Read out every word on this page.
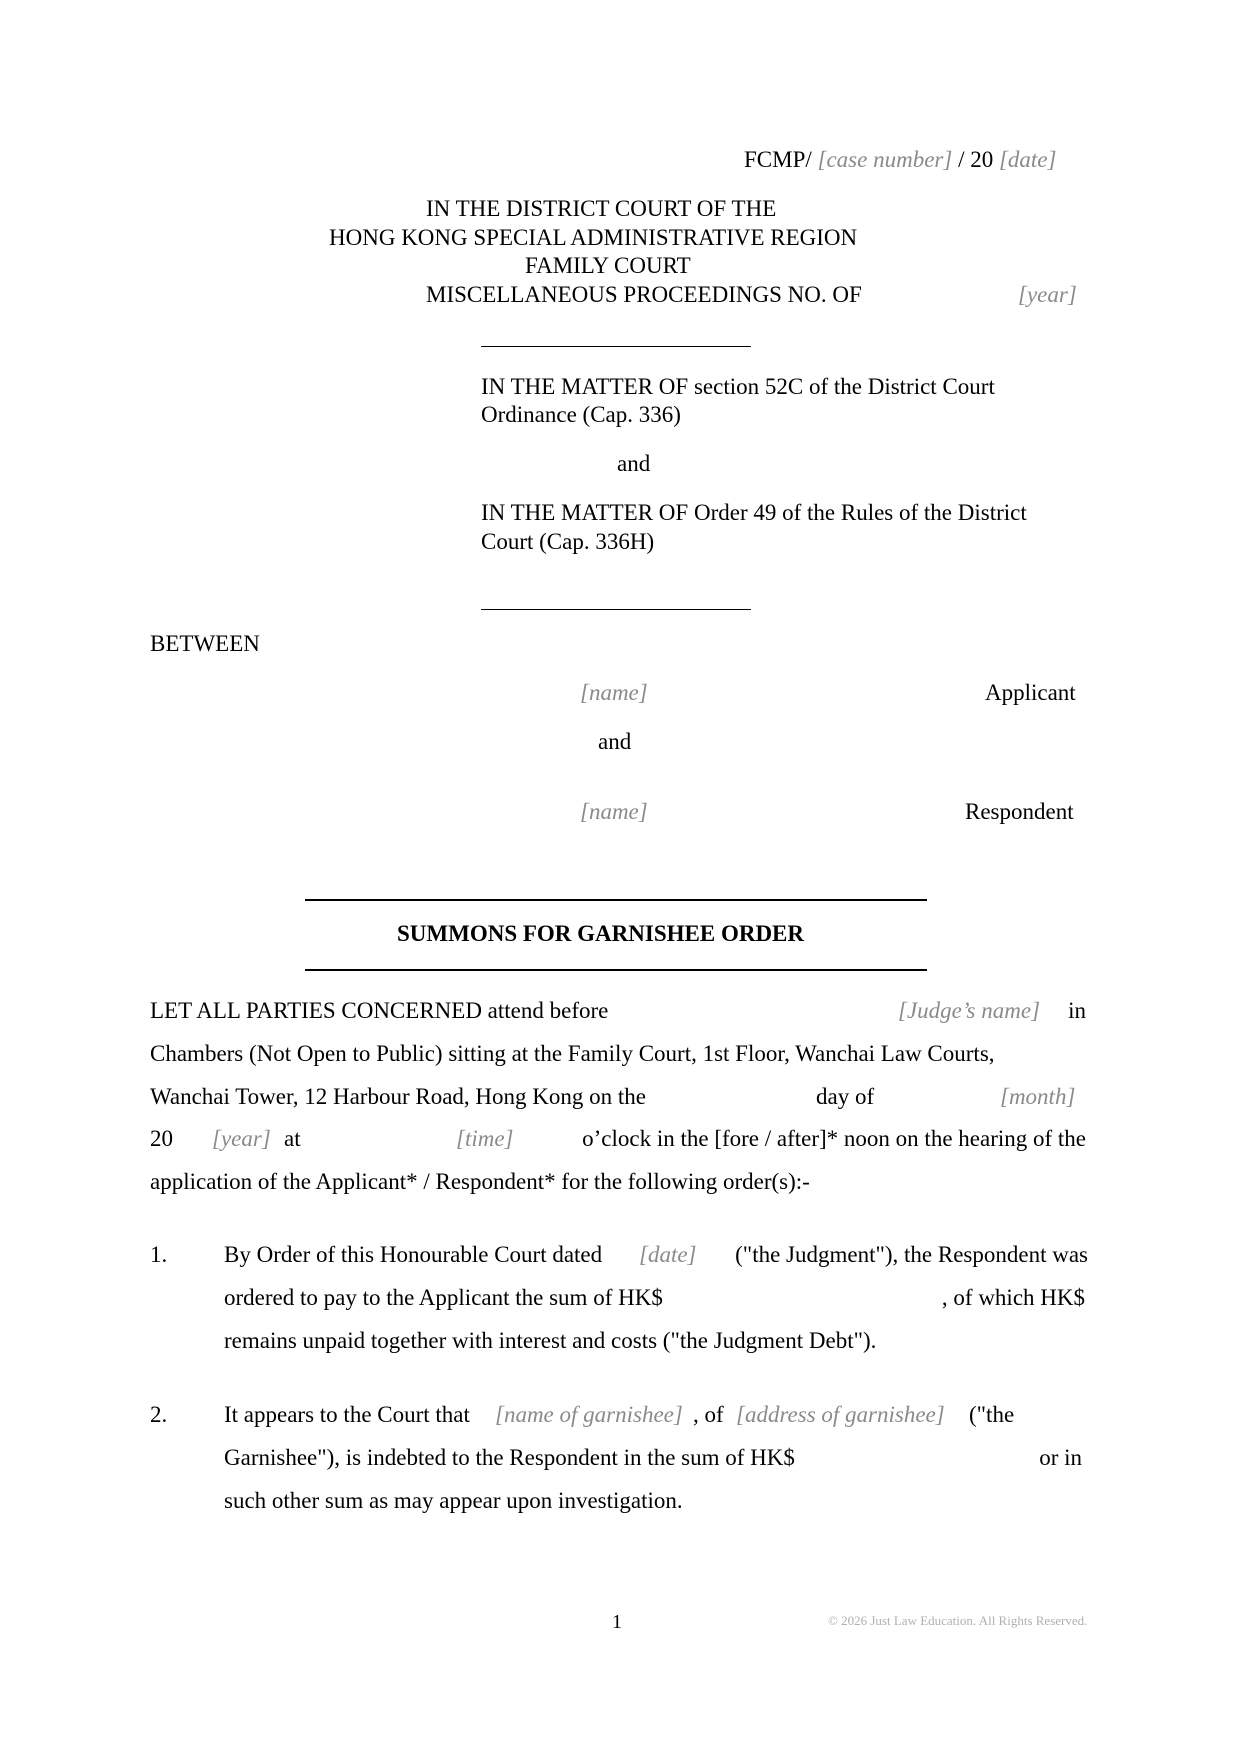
FCMP/ [case number] / 20 [date]
IN THE DISTRICT COURT OF THE
HONG KONG SPECIAL ADMINISTRATIVE REGION
FAMILY COURT
MISCELLANEOUS PROCEEDINGS NO. OF	[year]
IN THE MATTER OF section 52C of the District Court
Ordinance (Cap. 336)
and
IN THE MATTER OF Order 49 of the Rules of the District
Court (Cap. 336H)
BETWEEN
[name]	Applicant
and
[name]	Respondent
SUMMONS FOR GARNISHEE ORDER
LET ALL PARTIES CONCERNED attend before	[Judge’s name] in
Chambers (Not Open to Public) sitting at the Family Court, 1st Floor, Wanchai Law Courts,
Wanchai Tower, 12 Harbour Road, Hong Kong on the	day of	[month]
20 [year] at	[time]	o’clock in the [fore / after]* noon on the hearing of the
application of the Applicant* / Respondent* for the following order(s):-
1. By Order of this Honourable Court dated [date] ("the Judgment"), the Respondent was
ordered to pay to the Applicant the sum of HK$	, of which HK$
remains unpaid together with interest and costs ("the Judgment Debt").
2. It appears to the Court that [name of garnishee] , of [address of garnishee] ("the
Garnishee"), is indebted to the Respondent in the sum of HK$	or in
such other sum as may appear upon investigation.
1	© 2026 Just Law Education. All Rights Reserved.
